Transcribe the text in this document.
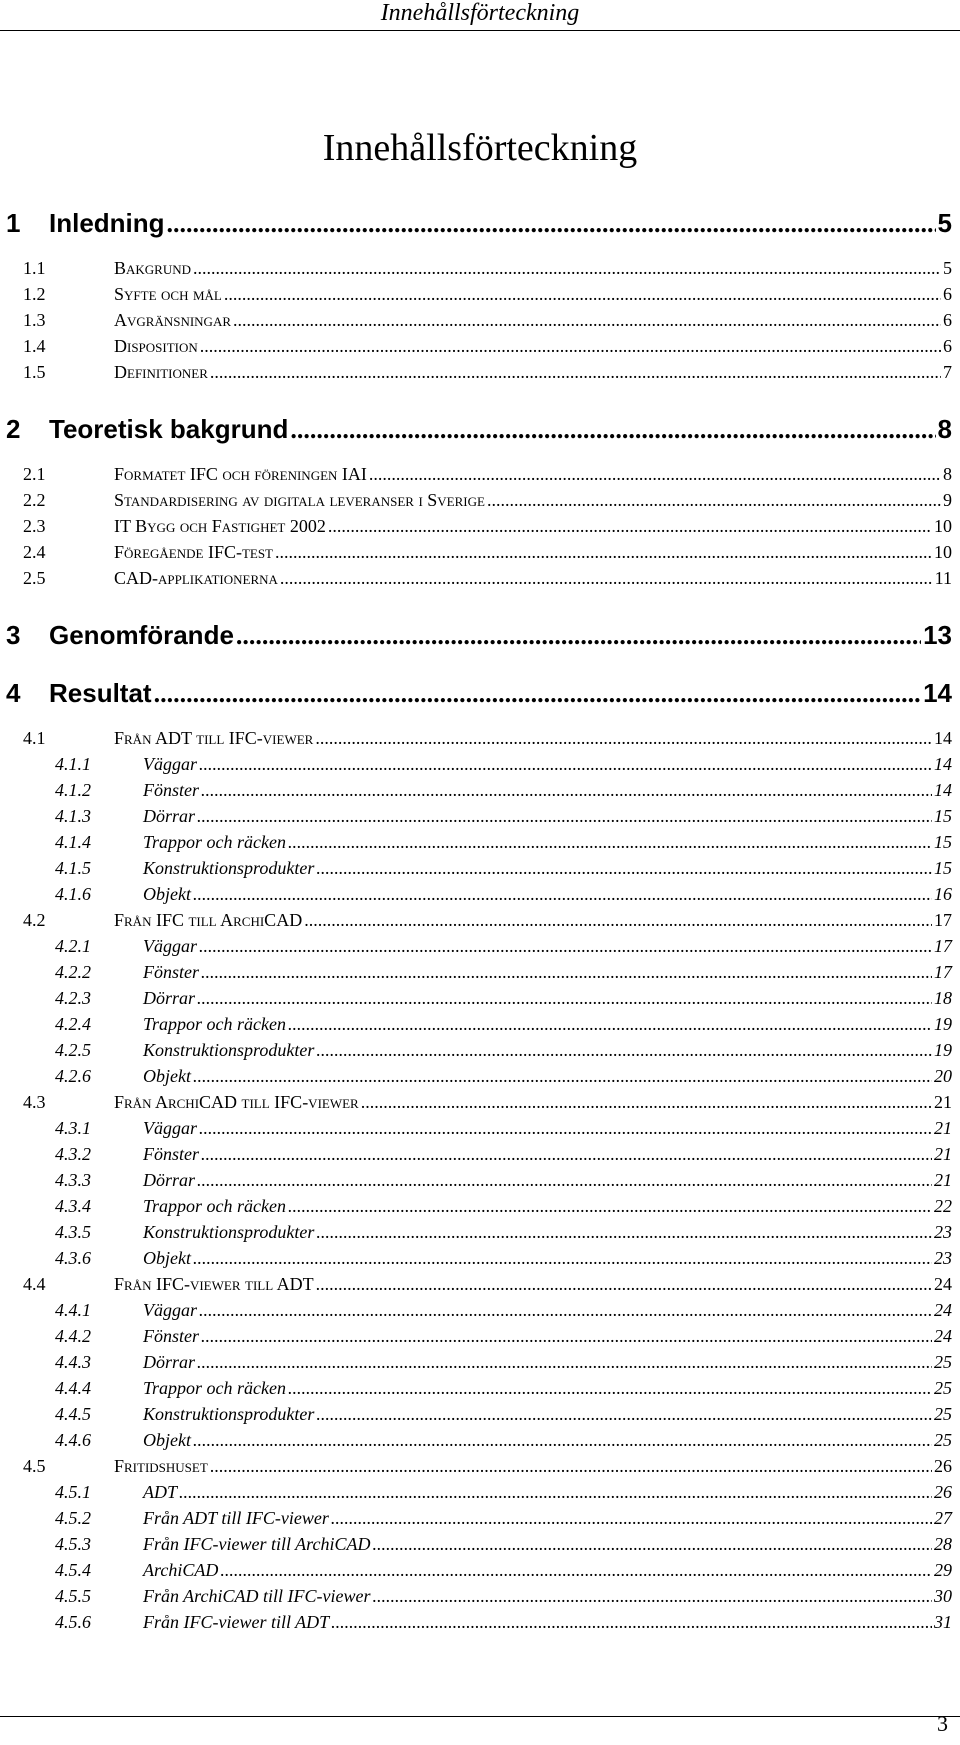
Innehållsförteckning
Innehållsförteckning
1	Inledning .....	5
1.1	Bakgrund .....	5
1.2	Syfte och mål .....	6
1.3	Avgränsningar .....	6
1.4	Disposition .....	6
1.5	Definitioner .....	7
2	Teoretisk bakgrund .....	8
2.1	Formatet IFC och föreningen IAI .....	8
2.2	Standardisering av digitala leveranser i Sverige .....	9
2.3	IT Bygg och Fastighet 2002 .....	10
2.4	Föregående IFC-test .....	10
2.5	CAD-applikationerna .....	11
3	Genomförande .....	13
4	Resultat .....	14
4.1	Från ADT till IFC-viewer .....	14
4.1.1	Väggar .....	14
4.1.2	Fönster .....	14
4.1.3	Dörrar .....	15
4.1.4	Trappor och räcken .....	15
4.1.5	Konstruktionsprodukter .....	15
4.1.6	Objekt .....	16
4.2	Från IFC till ArchiCAD .....	17
4.2.1	Väggar .....	17
4.2.2	Fönster .....	17
4.2.3	Dörrar .....	18
4.2.4	Trappor och räcken .....	19
4.2.5	Konstruktionsprodukter .....	19
4.2.6	Objekt .....	20
4.3	Från ArchiCAD till IFC-viewer .....	21
4.3.1	Väggar .....	21
4.3.2	Fönster .....	21
4.3.3	Dörrar .....	21
4.3.4	Trappor och räcken .....	22
4.3.5	Konstruktionsprodukter .....	23
4.3.6	Objekt .....	23
4.4	Från IFC-viewer till ADT .....	24
4.4.1	Väggar .....	24
4.4.2	Fönster .....	24
4.4.3	Dörrar .....	25
4.4.4	Trappor och räcken .....	25
4.4.5	Konstruktionsprodukter .....	25
4.4.6	Objekt .....	25
4.5	Fritidshuset .....	26
4.5.1	ADT .....	26
4.5.2	Från ADT till IFC-viewer .....	27
4.5.3	Från IFC-viewer till ArchiCAD .....	28
4.5.4	ArchiCAD .....	29
4.5.5	Från ArchiCAD till IFC-viewer .....	30
4.5.6	Från IFC-viewer till ADT .....	31
3
